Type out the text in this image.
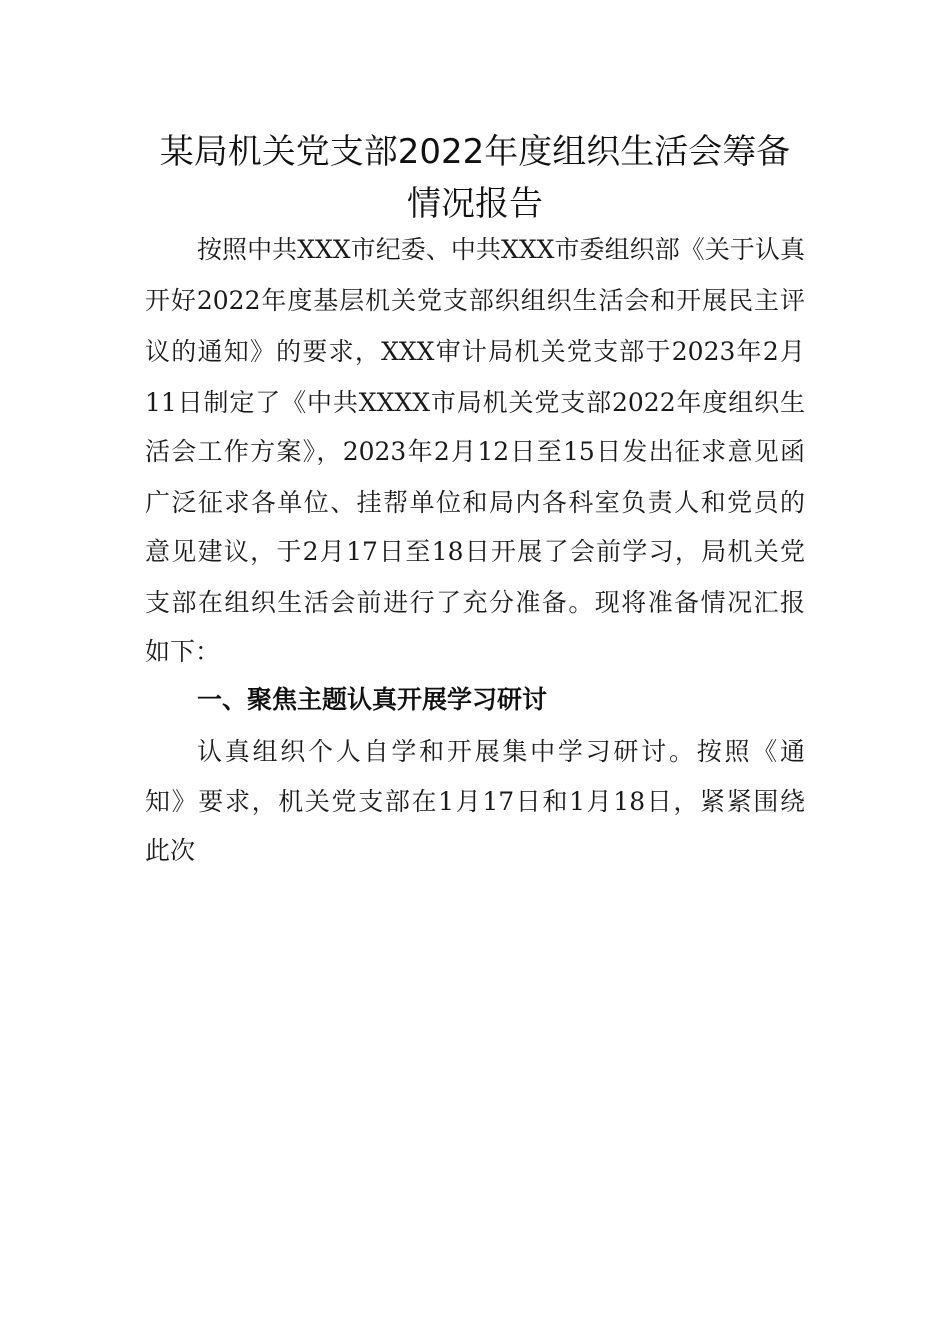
某局机关党支部2022年度组织生活会筹备
情况报告
按照中共XXX市纪委、中共XXX市委组织部《关于认真
开好2022年度基层机关党支部织组织生活会和开展民主评
议的通知》的要求，XXX审计局机关党支部于2023年2月
11日制定了《中共XXXX市局机关党支部2022年度组织生
活会工作方案》，2023年2月12日至15日发出征求意见函
广泛征求各单位、挂帮单位和局内各科室负责人和党员的
意见建议，于2月17日至18日开展了会前学习，局机关党
支部在组织生活会前进行了充分准备。现将准备情况汇报
如下：
一、聚焦主题认真开展学习研讨
认真组织个人自学和开展集中学习研讨。按照《通
知》要求，机关党支部在1月17日和1月18日，紧紧围绕
此次
